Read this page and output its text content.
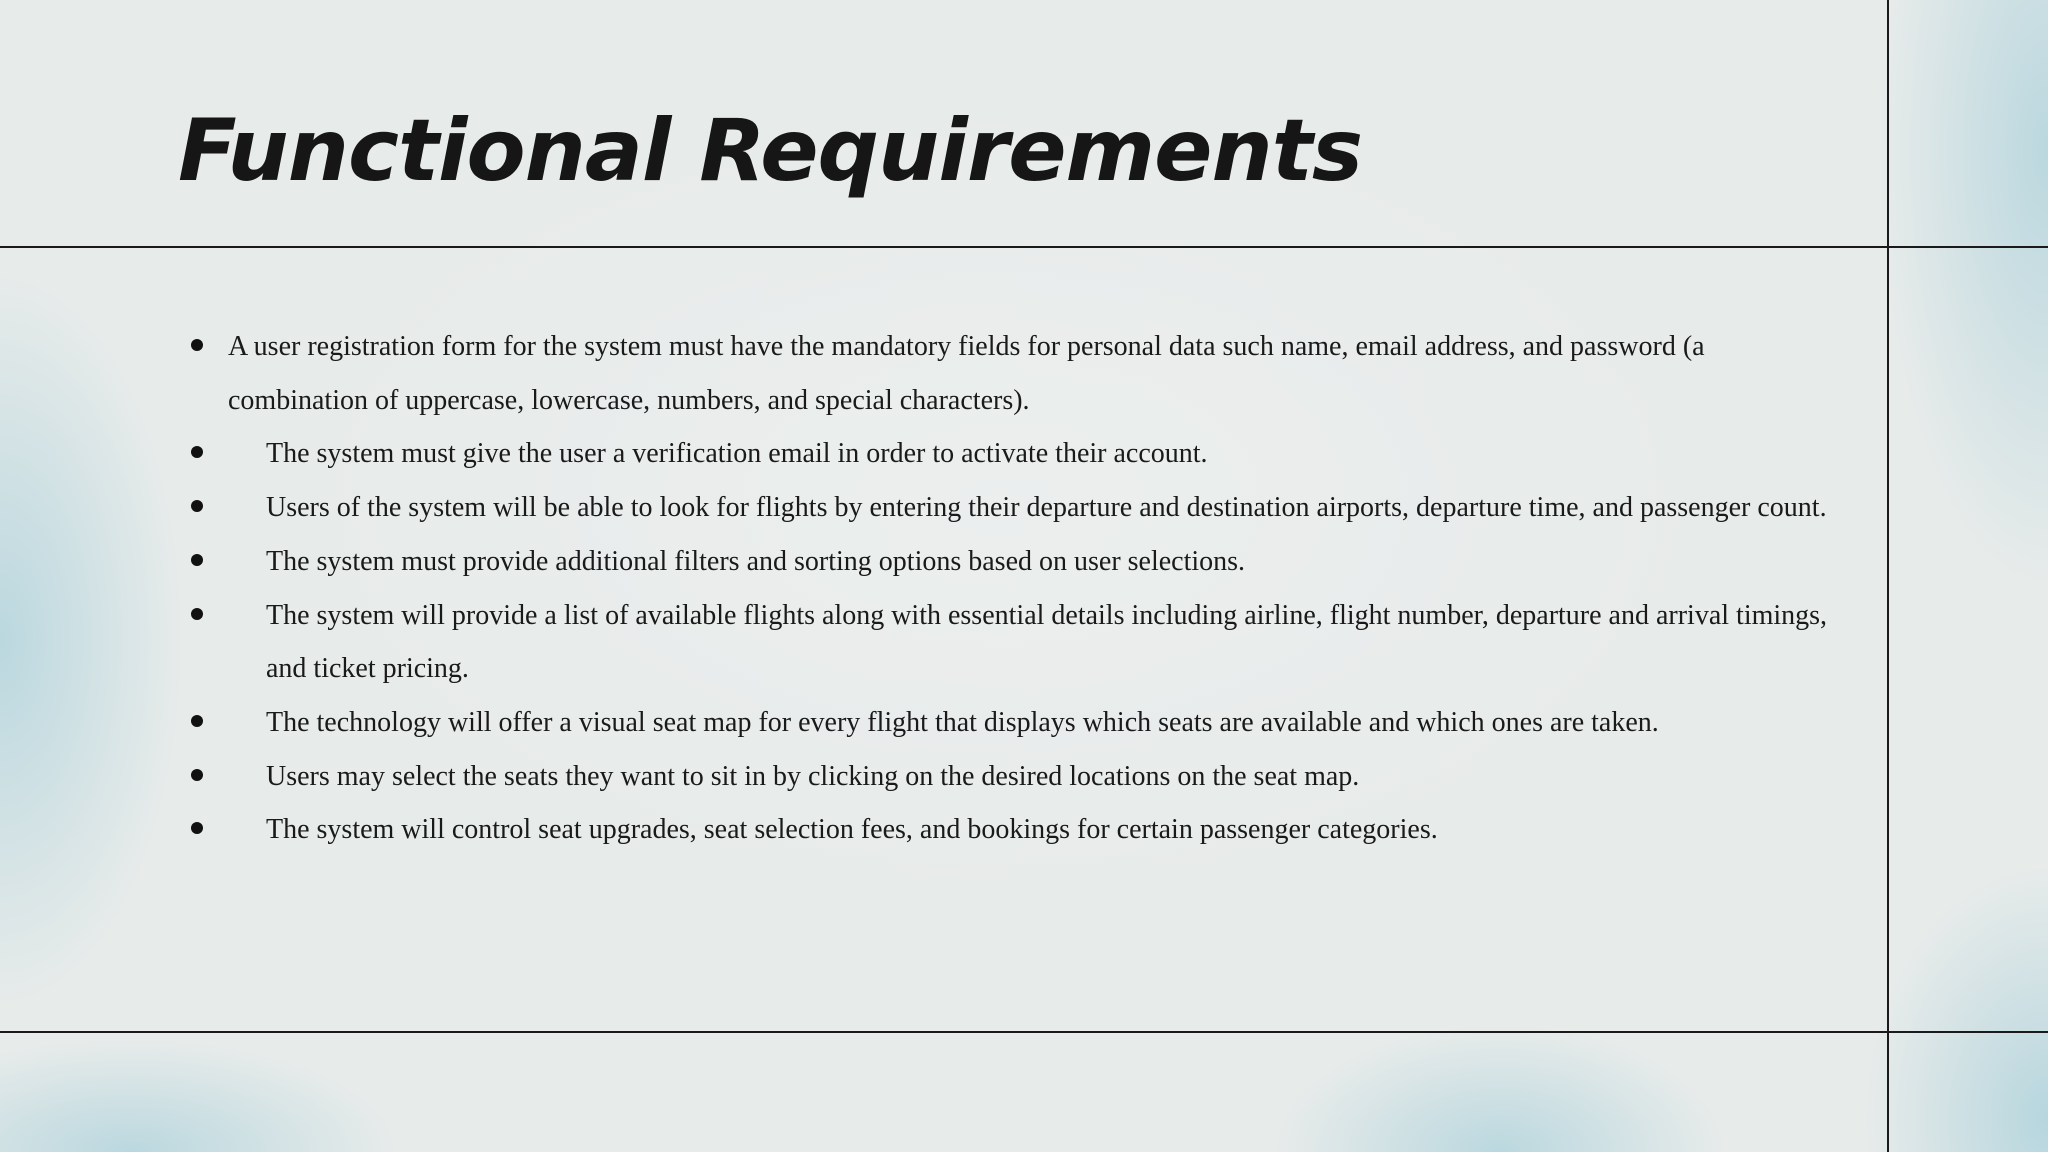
Functional Requirements
A user registration form for the system must have the mandatory fields for personal data such name, email address, and password (a combination of uppercase, lowercase, numbers, and special characters).
The system must give the user a verification email in order to activate their account.
Users of the system will be able to look for flights by entering their departure and destination airports, departure time, and passenger count.
The system must provide additional filters and sorting options based on user selections.
The system will provide a list of available flights along with essential details including airline, flight number, departure and arrival timings, and ticket pricing.
The technology will offer a visual seat map for every flight that displays which seats are available and which ones are taken.
Users may select the seats they want to sit in by clicking on the desired locations on the seat map.
The system will control seat upgrades, seat selection fees, and bookings for certain passenger categories.
